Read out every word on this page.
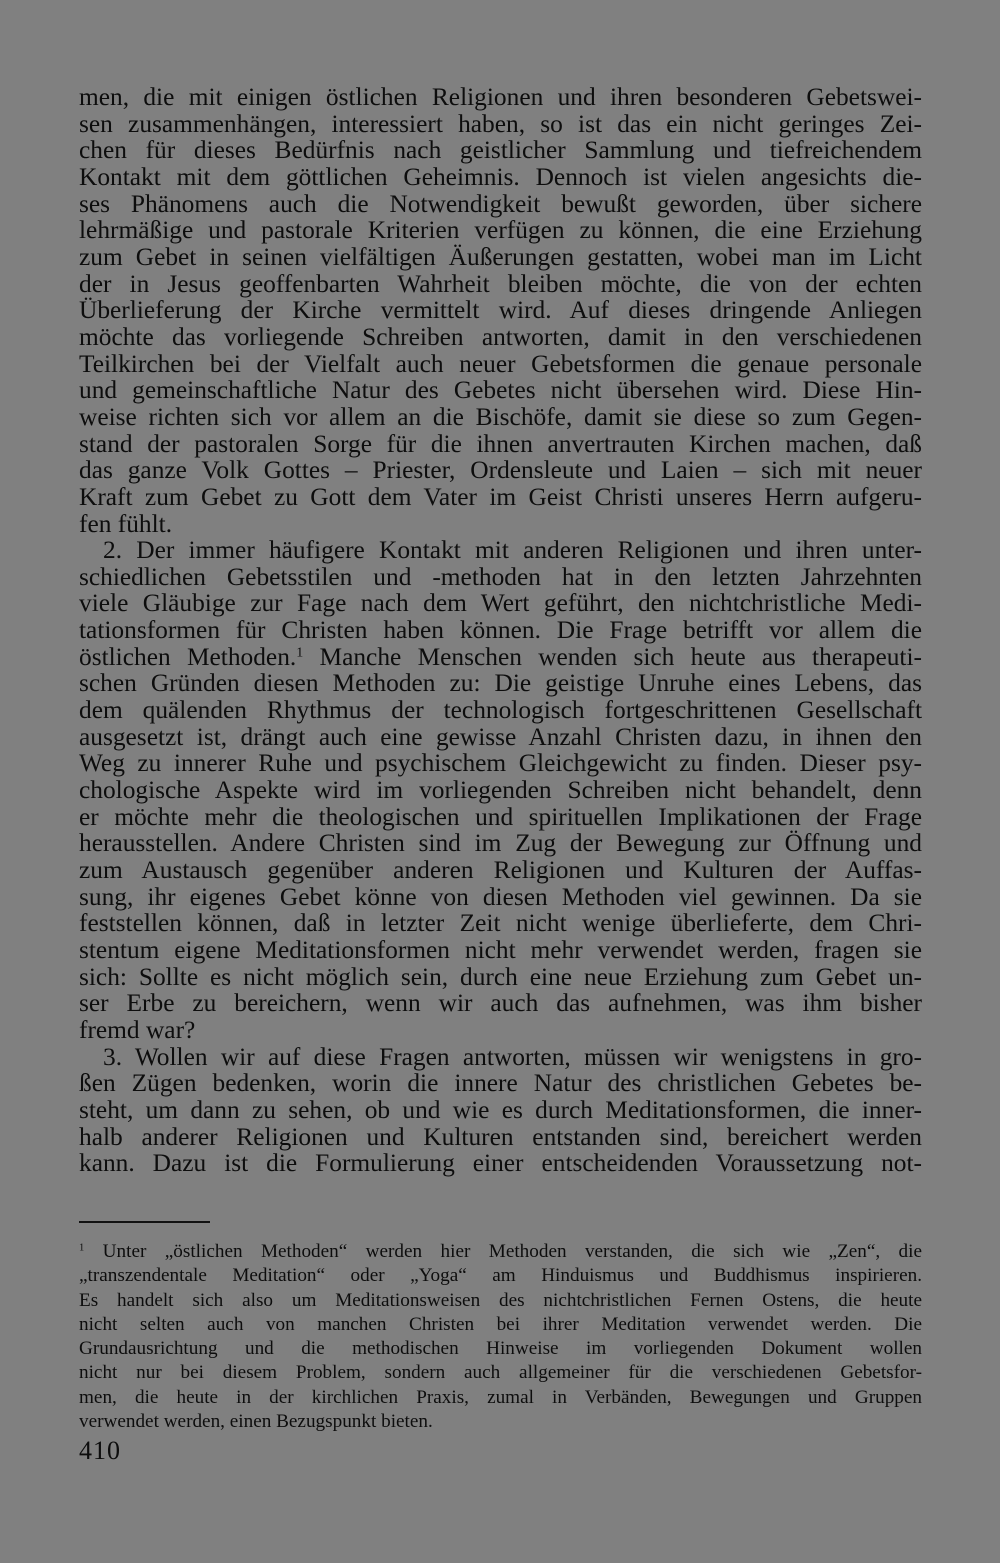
men, die mit einigen östlichen Religionen und ihren besonderen Gebetswei-
sen zusammenhängen, interessiert haben, so ist das ein nicht geringes Zei-
chen für dieses Bedürfnis nach geistlicher Sammlung und tiefreichendem
Kontakt mit dem göttlichen Geheimnis. Dennoch ist vielen angesichts die-
ses Phänomens auch die Notwendigkeit bewußt geworden, über sichere
lehrmäßige und pastorale Kriterien verfügen zu können, die eine Erziehung
zum Gebet in seinen vielfältigen Äußerungen gestatten, wobei man im Licht
der in Jesus geoffenbarten Wahrheit bleiben möchte, die von der echten
Überlieferung der Kirche vermittelt wird. Auf dieses dringende Anliegen
möchte das vorliegende Schreiben antworten, damit in den verschiedenen
Teilkirchen bei der Vielfalt auch neuer Gebetsformen die genaue personale
und gemeinschaftliche Natur des Gebetes nicht übersehen wird. Diese Hin-
weise richten sich vor allem an die Bischöfe, damit sie diese so zum Gegen-
stand der pastoralen Sorge für die ihnen anvertrauten Kirchen machen, daß
das ganze Volk Gottes – Priester, Ordensleute und Laien – sich mit neuer
Kraft zum Gebet zu Gott dem Vater im Geist Christi unseres Herrn aufgeru-
fen fühlt.
2. Der immer häufigere Kontakt mit anderen Religionen und ihren unter-
schiedlichen Gebetsstilen und -methoden hat in den letzten Jahrzehnten
viele Gläubige zur Fage nach dem Wert geführt, den nichtchristliche Medi-
tationsformen für Christen haben können. Die Frage betrifft vor allem die
östlichen Methoden.$^1$ Manche Menschen wenden sich heute aus therapeuti-
schen Gründen diesen Methoden zu: Die geistige Unruhe eines Lebens, das
dem quälenden Rhythmus der technologisch fortgeschrittenen Gesellschaft
ausgesetzt ist, drängt auch eine gewisse Anzahl Christen dazu, in ihnen den
Weg zu innerer Ruhe und psychischem Gleichgewicht zu finden. Dieser psy-
chologische Aspekte wird im vorliegenden Schreiben nicht behandelt, denn
er möchte mehr die theologischen und spirituellen Implikationen der Frage
herausstellen. Andere Christen sind im Zug der Bewegung zur Öffnung und
zum Austausch gegenüber anderen Religionen und Kulturen der Auffas-
sung, ihr eigenes Gebet könne von diesen Methoden viel gewinnen. Da sie
feststellen können, daß in letzter Zeit nicht wenige überlieferte, dem Chri-
stentum eigene Meditationsformen nicht mehr verwendet werden, fragen sie
sich: Sollte es nicht möglich sein, durch eine neue Erziehung zum Gebet un-
ser Erbe zu bereichern, wenn wir auch das aufnehmen, was ihm bisher
fremd war?
3. Wollen wir auf diese Fragen antworten, müssen wir wenigstens in gro-
ßen Zügen bedenken, worin die innere Natur des christlichen Gebetes be-
steht, um dann zu sehen, ob und wie es durch Meditationsformen, die inner-
halb anderer Religionen und Kulturen entstanden sind, bereichert werden
kann. Dazu ist die Formulierung einer entscheidenden Voraussetzung not-
$^1$ Unter „östlichen Methoden“ werden hier Methoden verstanden, die sich wie „Zen“, die
„transzendentale Meditation“ oder „Yoga“ am Hinduismus und Buddhismus inspirieren.
Es handelt sich also um Meditationsweisen des nichtchristlichen Fernen Ostens, die heute
nicht selten auch von manchen Christen bei ihrer Meditation verwendet werden. Die
Grundausrichtung und die methodischen Hinweise im vorliegenden Dokument wollen
nicht nur bei diesem Problem, sondern auch allgemeiner für die verschiedenen Gebetsfor-
men, die heute in der kirchlichen Praxis, zumal in Verbänden, Bewegungen und Gruppen
verwendet werden, einen Bezugspunkt bieten.
410
